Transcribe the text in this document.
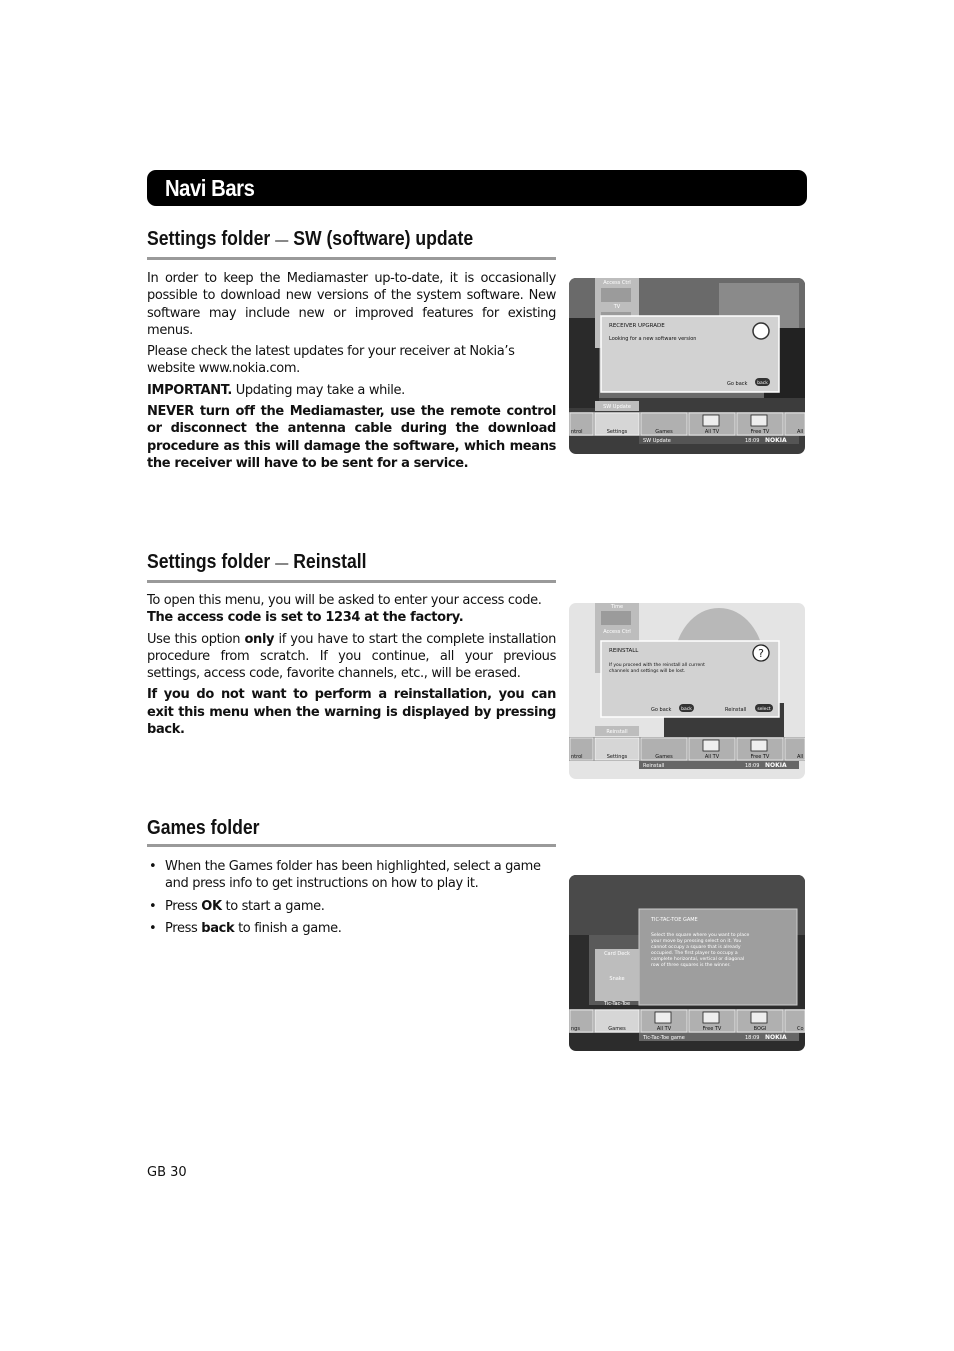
Navi Bars
Settings folder — SW (software) update

In order to keep the Mediamaster up-to-date, it is occasionally possible to download new versions of the system software. New software may include new or improved features for existing menus.

Please check the latest updates for your receiver at Nokia’s website www.nokia.com.

IMPORTANT. Updating may take a while.

NEVER turn off the Mediamaster, use the remote control or disconnect the antenna cable during the download procedure as this will damage the software, which means the receiver will have to be sent for a service.

Access Ctrl
TV
RECEIVER UPGRADE
Looking for a new software version
Go back back
SW Update
ntrol	Settings	Games	All TV	Free TV	All
SW Update	18:09 NOKIA
Settings folder — Reinstall

To open this menu, you will be asked to enter your access code.

The access code is set to 1234 at the factory.

Use this option only if you have to start the complete installation procedure from scratch. If you continue, all your previous settings, access code, favorite channels, etc., will be erased.

If you do not want to perform a reinstallation, you can exit this menu when the warning is displayed by pressing back.

Time
Access Ctrl
REINSTALL
If you proceed with the reinstall all current
channels and settings will be lost.
?
Go back back	Reinstall select
Reinstall
ntrol	Settings	Games	All TV	Free TV	All
Reinstall	18:09 NOKIA
Games folder
• When the Games folder has been highlighted, select a game and press info to get instructions on how to play it.
• Press OK to start a game.
• Press back to finish a game.
TIC-TAC-TOE GAME
Select the square where you want to place
your move by pressing select on it. You
cannot occupy a square that is already
occupied. The first player to occupy a
complete horizontal, vertical or diagonal
row of three squares is the winner.
Card Deck
Snake
Tic-Tac-Toe
ngs	Games	All TV	Free TV	BOGI	Co
Tic-Tac-Toe game	18:09 NOKIA
GB 30
